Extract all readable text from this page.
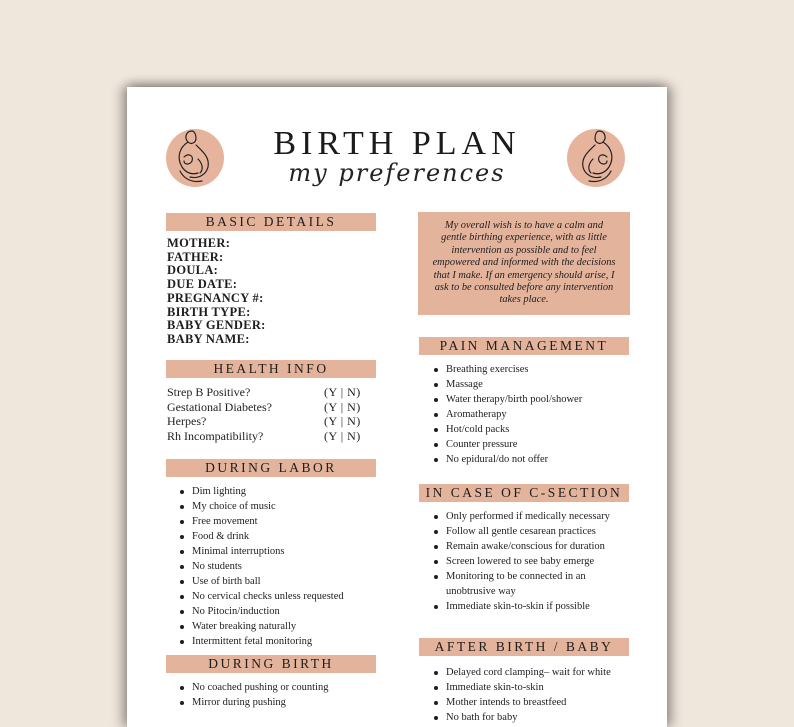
BIRTH PLAN
my preferences
BASIC DETAILS
MOTHER:
FATHER:
DOULA:
DUE DATE:
PREGNANCY #:
BIRTH TYPE:
BABY GENDER:
BABY NAME:
HEALTH INFO
Strep B Positive?	(Y | N)
Gestational Diabetes?	(Y | N)
Herpes?	(Y | N)
Rh Incompatibility?	(Y | N)
DURING LABOR
Dim lighting
My choice of music
Free movement
Food & drink
Minimal interruptions
No students
Use of birth ball
No cervical checks unless requested
No Pitocin/induction
Water breaking naturally
Intermittent fetal monitoring
DURING BIRTH
No coached pushing or counting
Mirror during pushing
My overall wish is to have a calm and gentle birthing experience, with as little intervention as possible and to feel empowered and informed with the decisions that I make. If an emergency should arise, I ask to be consulted before any intervention takes place.
PAIN MANAGEMENT
Breathing exercises
Massage
Water therapy/birth pool/shower
Aromatherapy
Hot/cold packs
Counter pressure
No epidural/do not offer
IN CASE OF C-SECTION
Only performed if medically necessary
Follow all gentle cesarean practices
Remain awake/conscious for duration
Screen lowered to see baby emerge
Monitoring to be connected in an unobtrusive way
Immediate skin-to-skin if possible
AFTER BIRTH / BABY
Delayed cord clamping– wait for white
Immediate skin-to-skin
Mother intends to breastfeed
No bath for baby
